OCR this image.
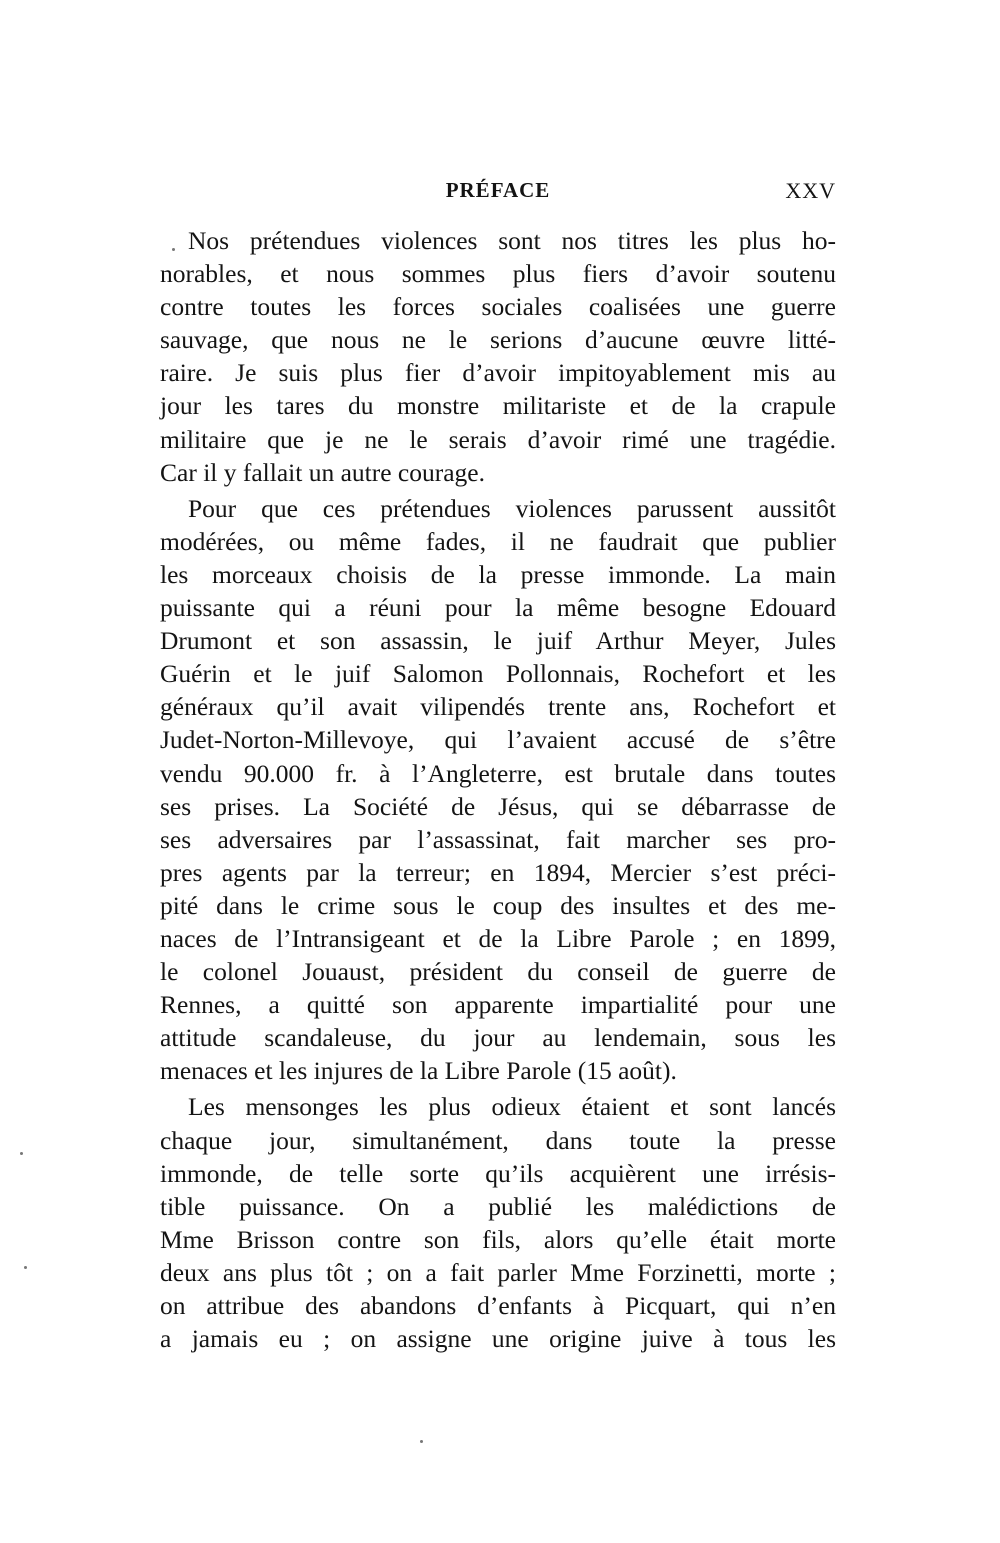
PRÉFACE	XXV
Nos prétendues violences sont nos titres les plus ho-
norables, et nous sommes plus fiers d’avoir soutenu
contre toutes les forces sociales coalisées une guerre
sauvage, que nous ne le serions d’aucune œuvre litté-
raire. Je suis plus fier d’avoir impitoyablement mis au
jour les tares du monstre militariste et de la crapule
militaire que je ne le serais d’avoir rimé une tragédie.
Car il y fallait un autre courage.
Pour que ces prétendues violences parussent aussitôt
modérées, ou même fades, il ne faudrait que publier
les morceaux choisis de la presse immonde. La main
puissante qui a réuni pour la même besogne Edouard
Drumont et son assassin, le juif Arthur Meyer, Jules
Guérin et le juif Salomon Pollonnais, Rochefort et les
généraux qu’il avait vilipendés trente ans, Rochefort et
Judet-Norton-Millevoye, qui l’avaient accusé de s’être
vendu 90.000 fr. à l’Angleterre, est brutale dans toutes
ses prises. La Société de Jésus, qui se débarrasse de
ses adversaires par l’assassinat, fait marcher ses pro-
pres agents par la terreur; en 1894, Mercier s’est préci-
pité dans le crime sous le coup des insultes et des me-
naces de l’Intransigeant et de la Libre Parole ; en 1899,
le colonel Jouaust, président du conseil de guerre de
Rennes, a quitté son apparente impartialité pour une
attitude scandaleuse, du jour au lendemain, sous les
menaces et les injures de la Libre Parole (15 août).
Les mensonges les plus odieux étaient et sont lancés
chaque jour, simultanément, dans toute la presse
immonde, de telle sorte qu’ils acquièrent une irrésis-
tible puissance. On a publié les malédictions de
Mme Brisson contre son fils, alors qu’elle était morte
deux ans plus tôt ; on a fait parler Mme Forzinetti, morte ;
on attribue des abandons d’enfants à Picquart, qui n’en
a jamais eu ; on assigne une origine juive à tous les
